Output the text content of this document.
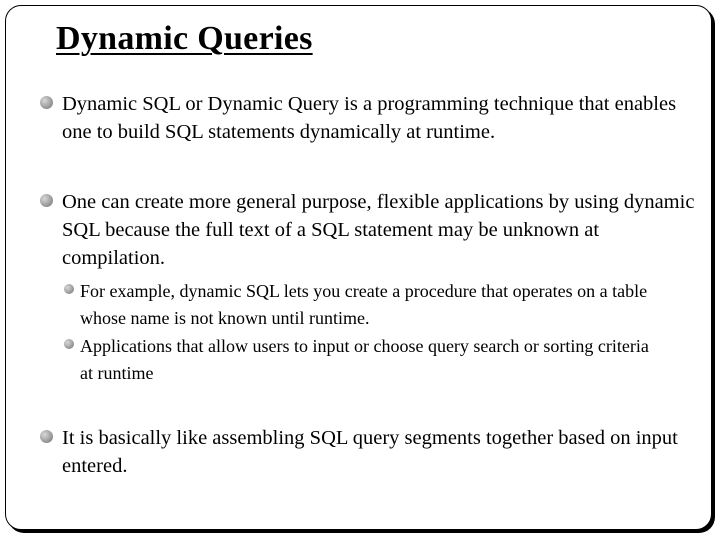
Dynamic Queries
Dynamic SQL or Dynamic Query is a programming technique that enables one to build SQL statements dynamically at runtime.
One can create more general purpose, flexible applications by using dynamic SQL because the full text of a SQL statement may be unknown at compilation.
For example, dynamic SQL lets you create a procedure that operates on a table whose name is not known until runtime.
Applications that allow users to input or choose query search or sorting criteria at runtime
It is basically like assembling SQL query segments together based on input entered.
